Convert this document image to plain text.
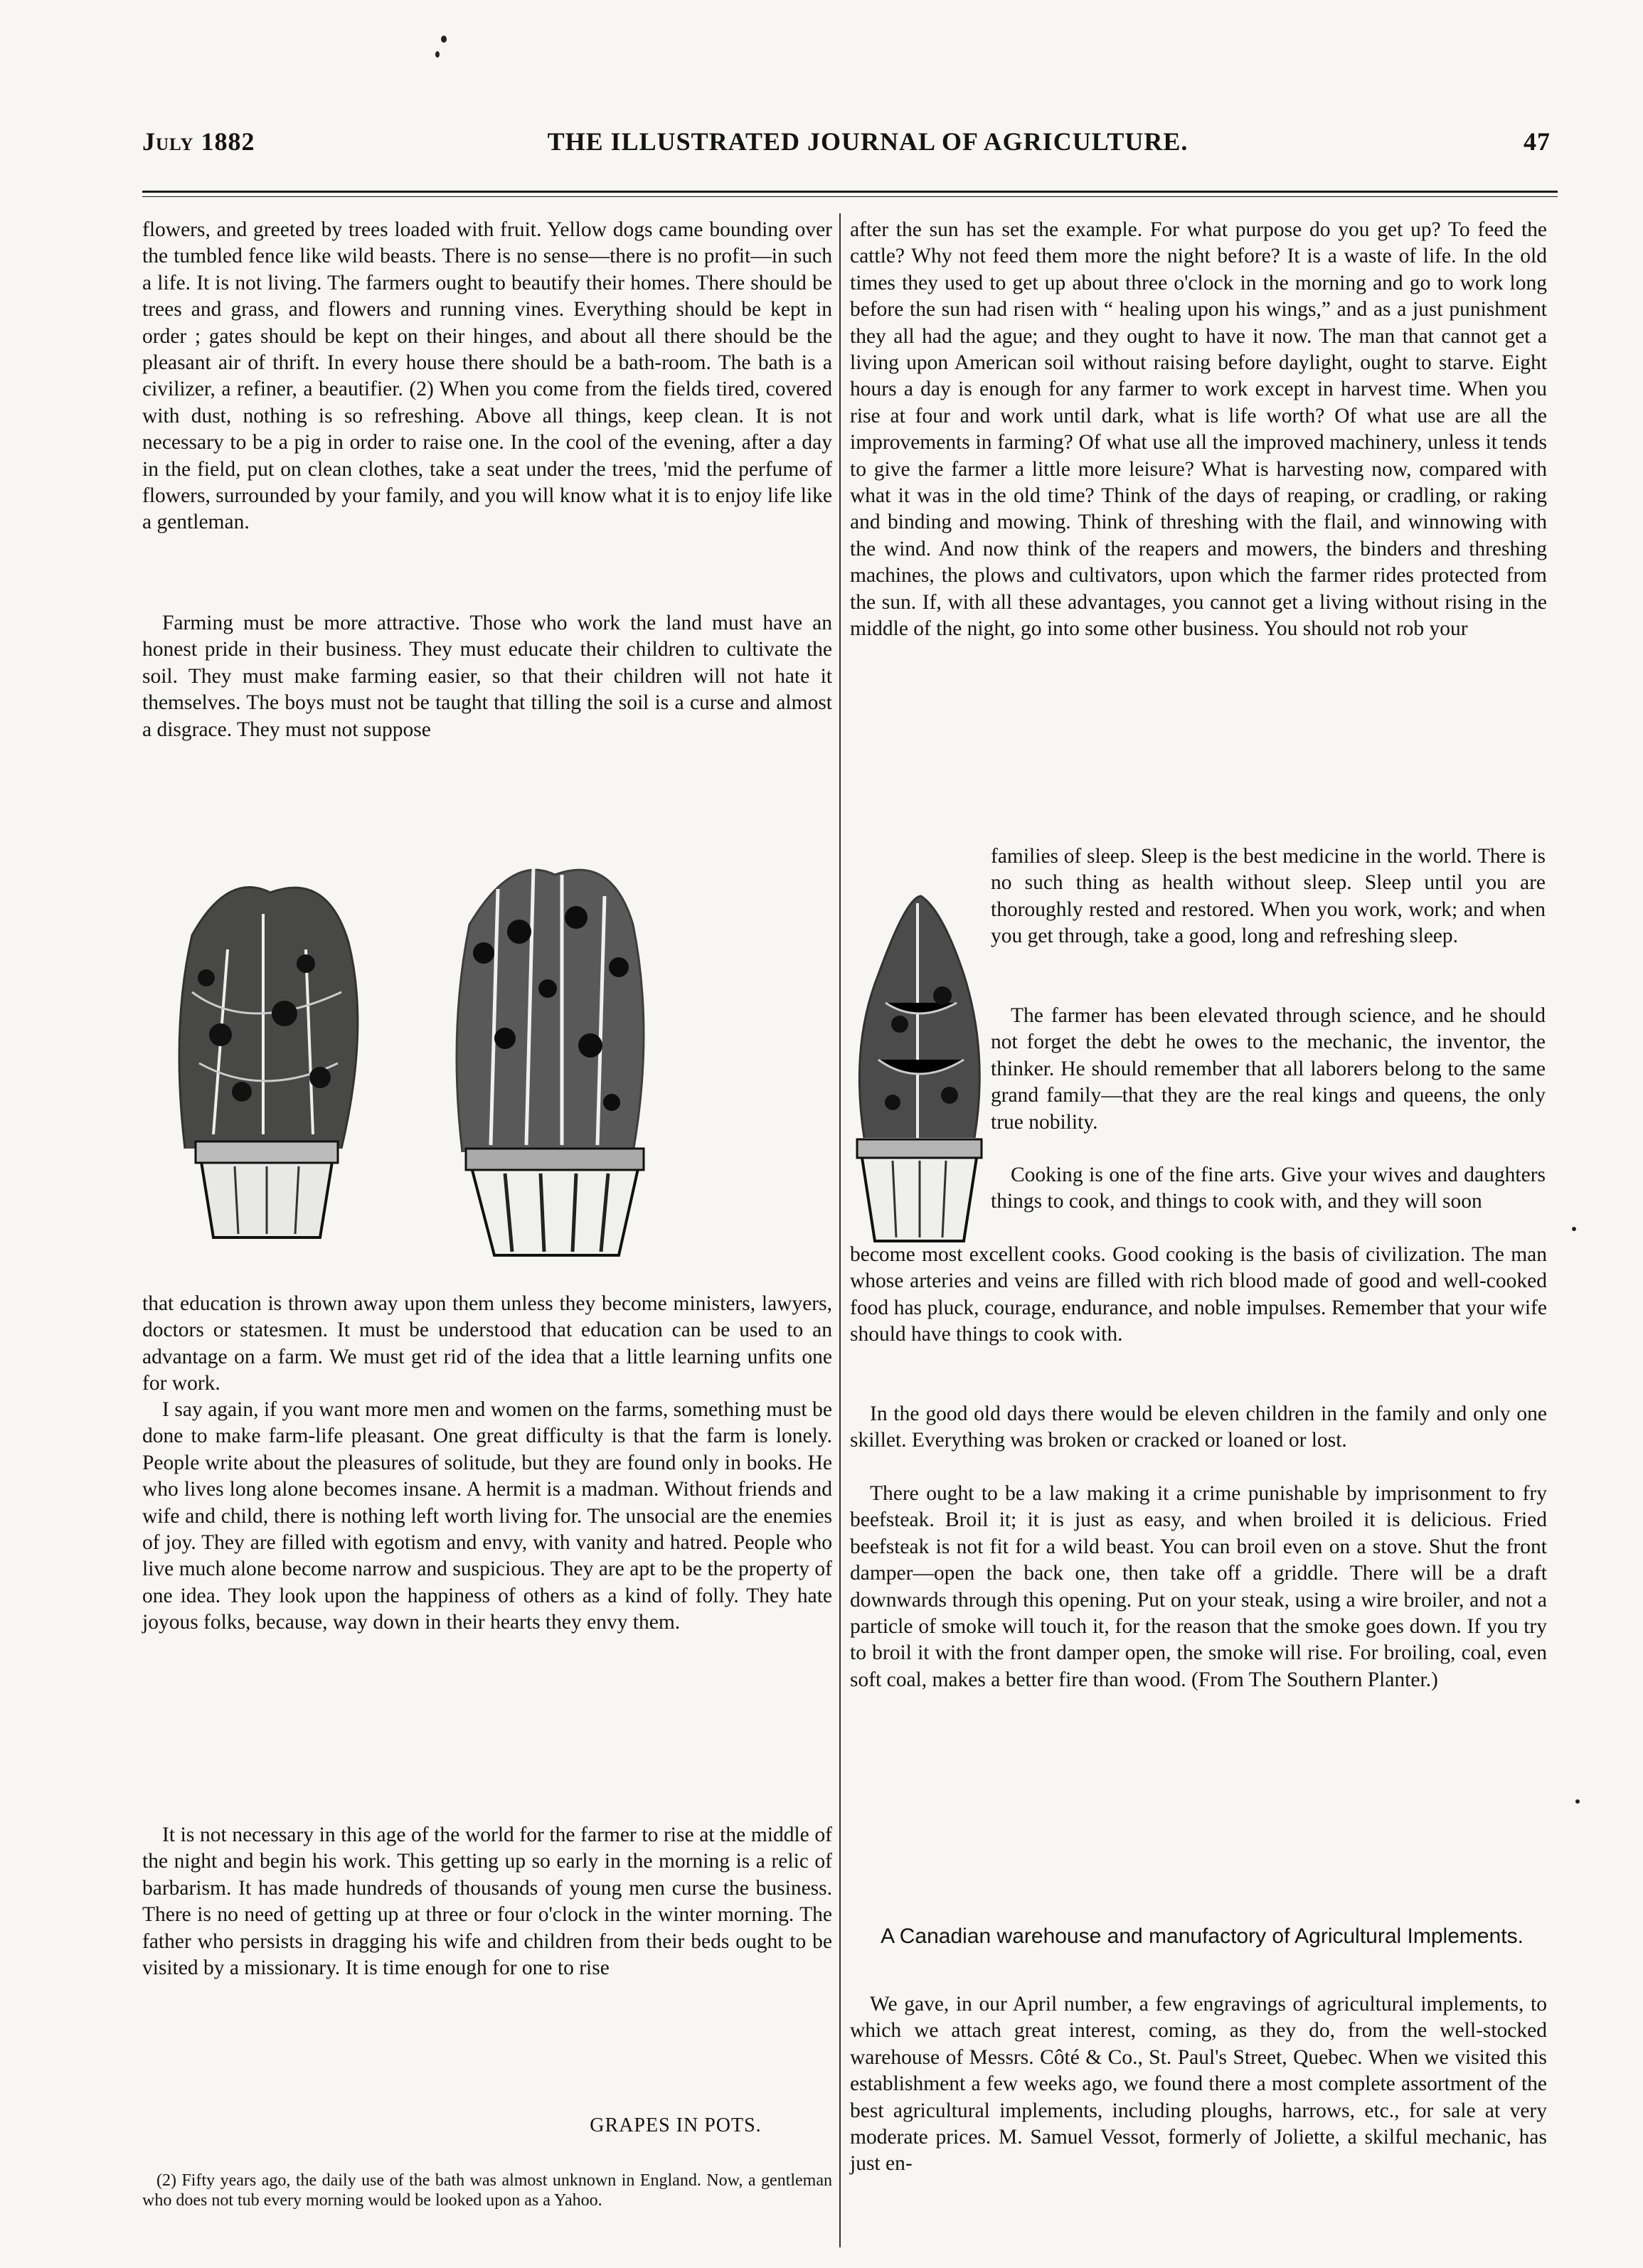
July 1882	THE ILLUSTRATED JOURNAL OF AGRICULTURE.	47

flowers, and greeted by trees loaded with fruit. Yellow dogs came bounding over the tumbled fence like wild beasts. There is no sense—there is no profit—in such a life. It is not living. The farmers ought to beautify their homes. There should be trees and grass, and flowers and running vines. Everything should be kept in order ; gates should be kept on their hinges, and about all there should be the pleasant air of thrift. In every house there should be a bath-room. The bath is a civilizer, a refiner, a beautifier. (2) When you come from the fields tired, covered with dust, nothing is so refreshing. Above all things, keep clean. It is not necessary to be a pig in order to raise one. In the cool of the evening, after a day in the field, put on clean clothes, take a seat under the trees, 'mid the perfume of flowers, surrounded by your family, and you will know what it is to enjoy life like a gentleman.

Farming must be more attractive. Those who work the land must have an honest pride in their business. They must educate their children to cultivate the soil. They must make farming easier, so that their children will not hate it themselves. The boys must not be taught that tilling the soil is a curse and almost a disgrace. They must not suppose

GRAPES IN POTS.

that education is thrown away upon them unless they become ministers, lawyers, doctors or statesmen. It must be understood that education can be used to an advantage on a farm. We must get rid of the idea that a little learning unfits one for work.

I say again, if you want more men and women on the farms, something must be done to make farm-life pleasant. One great difficulty is that the farm is lonely. People write about the pleasures of solitude, but they are found only in books. He who lives long alone becomes insane. A hermit is a madman. Without friends and wife and child, there is nothing left worth living for. The unsocial are the enemies of joy. They are filled with egotism and envy, with vanity and hatred. People who live much alone become narrow and suspicious. They are apt to be the property of one idea. They look upon the happiness of others as a kind of folly. They hate joyous folks, because, way down in their hearts they envy them.

It is not necessary in this age of the world for the farmer to rise at the middle of the night and begin his work. This getting up so early in the morning is a relic of barbarism. It has made hundreds of thousands of young men curse the business. There is no need of getting up at three or four o'clock in the winter morning. The father who persists in dragging his wife and children from their beds ought to be visited by a missionary. It is time enough for one to rise

(2) Fifty years ago, the daily use of the bath was almost unknown in England. Now, a gentleman who does not tub every morning would be looked upon as a Yahoo.

after the sun has set the example. For what purpose do you get up? To feed the cattle? Why not feed them more the night before? It is a waste of life. In the old times they used to get up about three o'clock in the morning and go to work long before the sun had risen with “ healing upon his wings,” and as a just punishment they all had the ague; and they ought to have it now. The man that cannot get a living upon American soil without raising before daylight, ought to starve. Eight hours a day is enough for any farmer to work except in harvest time. When you rise at four and work until dark, what is life worth? Of what use are all the improvements in farming? Of what use all the improved machinery, unless it tends to give the farmer a little more leisure? What is harvesting now, compared with what it was in the old time? Think of the days of reaping, or cradling, or raking and binding and mowing. Think of threshing with the flail, and winnowing with the wind. And now think of the reapers and mowers, the binders and threshing machines, the plows and cultivators, upon which the farmer rides protected from the sun. If, with all these advantages, you cannot get a living without rising in the middle of the night, go into some other business. You should not rob your

families of sleep. Sleep is the best medicine in the world. There is no such thing as health without sleep. Sleep until you are thoroughly rested and restored. When you work, work; and when you get through, take a good, long and refreshing sleep.

The farmer has been elevated through science, and he should not forget the debt he owes to the mechanic, the inventor, the thinker. He should remember that all laborers belong to the same grand family—that they are the real kings and queens, the only true nobility.

Cooking is one of the fine arts. Give your wives and daughters things to cook, and things to cook with, and they will soon

become most excellent cooks. Good cooking is the basis of civilization. The man whose arteries and veins are filled with rich blood made of good and well-cooked food has pluck, courage, endurance, and noble impulses. Remember that your wife should have things to cook with.

In the good old days there would be eleven children in the family and only one skillet. Everything was broken or cracked or loaned or lost.

There ought to be a law making it a crime punishable by imprisonment to fry beefsteak. Broil it; it is just as easy, and when broiled it is delicious. Fried beefsteak is not fit for a wild beast. You can broil even on a stove. Shut the front damper—open the back one, then take off a griddle. There will be a draft downwards through this opening. Put on your steak, using a wire broiler, and not a particle of smoke will touch it, for the reason that the smoke goes down. If you try to broil it with the front damper open, the smoke will rise. For broiling, coal, even soft coal, makes a better fire than wood. (From The Southern Planter.)

A Canadian warehouse and manufactory of Agricultural Implements.

We gave, in our April number, a few engravings of agricultural implements, to which we attach great interest, coming, as they do, from the well-stocked warehouse of Messrs. Côté & Co., St. Paul's Street, Quebec. When we visited this establishment a few weeks ago, we found there a most complete assortment of the best agricultural implements, including ploughs, harrows, etc., for sale at very moderate prices. M. Samuel Vessot, formerly of Joliette, a skilful mechanic, has just en-
